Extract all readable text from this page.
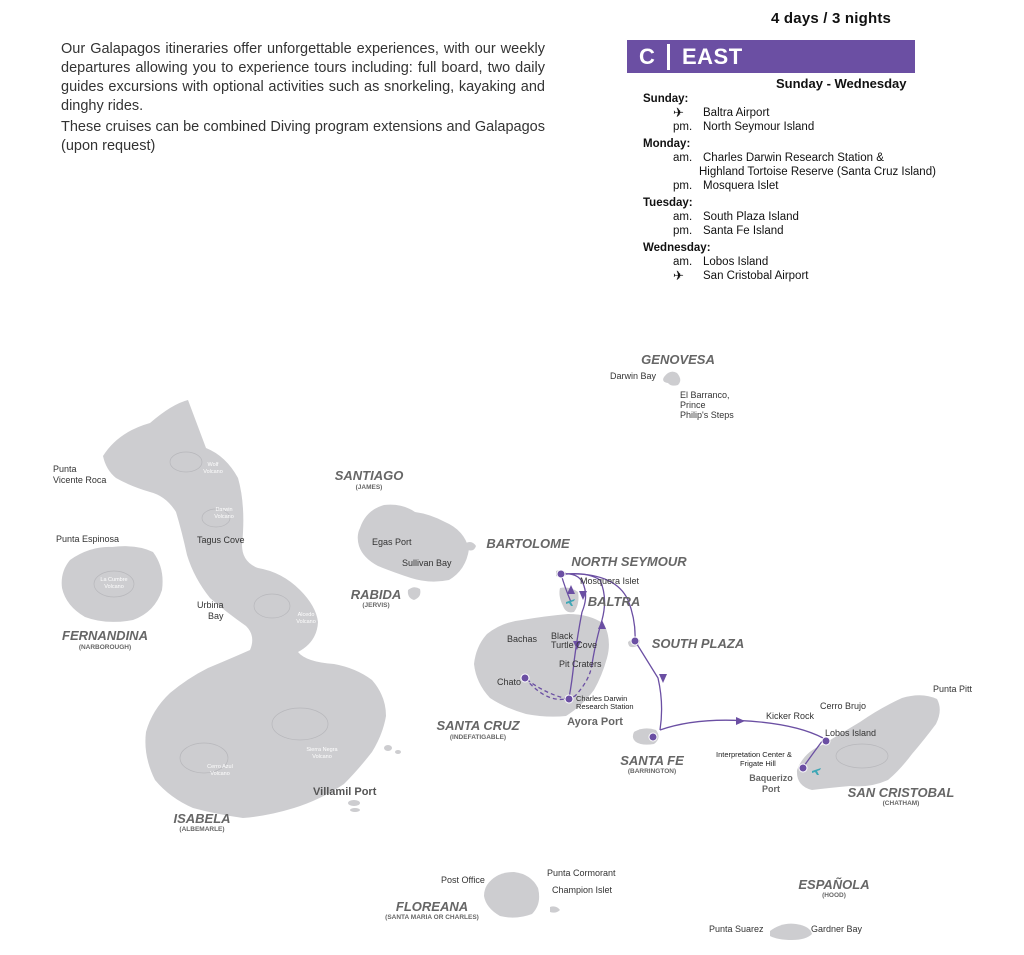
Our Galapagos itineraries offer unforgettable experiences, with our weekly departures allowing you to experience tours including: full board, two daily guides excursions with optional activities such as snorkeling, kayaking and dinghy rides.

These cruises can be combined Diving program extensions and Galapagos (upon request)

4 days / 3 nights
C	EAST
Sunday - Wednesday
Sunday:
✈	Baltra Airport
pm. North Seymour Island
Monday:
am. Charles Darwin Research Station &
Highland Tortoise Reserve (Santa Cruz Island)
pm. Mosquera Islet
Tuesday:
am. South Plaza Island
pm. Santa Fe Island
Wednesday:
am. Lobos Island
✈	San Cristobal Airport
GENOVESA
SANTIAGO
BARTOLOME
NORTH SEYMOUR
BALTRA
RABIDA
SOUTH PLAZA
FERNANDINA
SANTA CRUZ
SANTA FE
SAN CRISTOBAL
ISABELA
FLOREANA
ESPAÑOLA
(JAMES)
(JERVIS)
(NARBOROUGH)
(INDEFATIGABLE)
(BARRINGTON)
(CHATHAM)
(ALBEMARLE)
(SANTA MARIA OR CHARLES)
(HOOD)
Darwin Bay
El Barranco,
Prince
Philip's Steps
Punta
Vicente Roca
Punta Espinosa	Tagus Cove
Urbina
Bay
Egas Port
Sullivan Bay
Mosquera Islet
Bachas Black
Turtle Cove
Pit Craters
Chato
Villamil Port
Punta Pitt
Cerro Brujo
Kicker Rock
Lobos Island
Post Office
Punta Cormorant
Champion Islet
Punta Suarez	Gardner Bay
Charles Darwin
Research Station
Interpretation Center &
Frigate Hill
Ayora Port
Baquerizo
Port
Wolf
Volcano
Darwin
Volcano
La Cumbre
Volcano
Alcedo
Volcano
Sierra Negra
Volcano
Cerro Azul
Volcano
